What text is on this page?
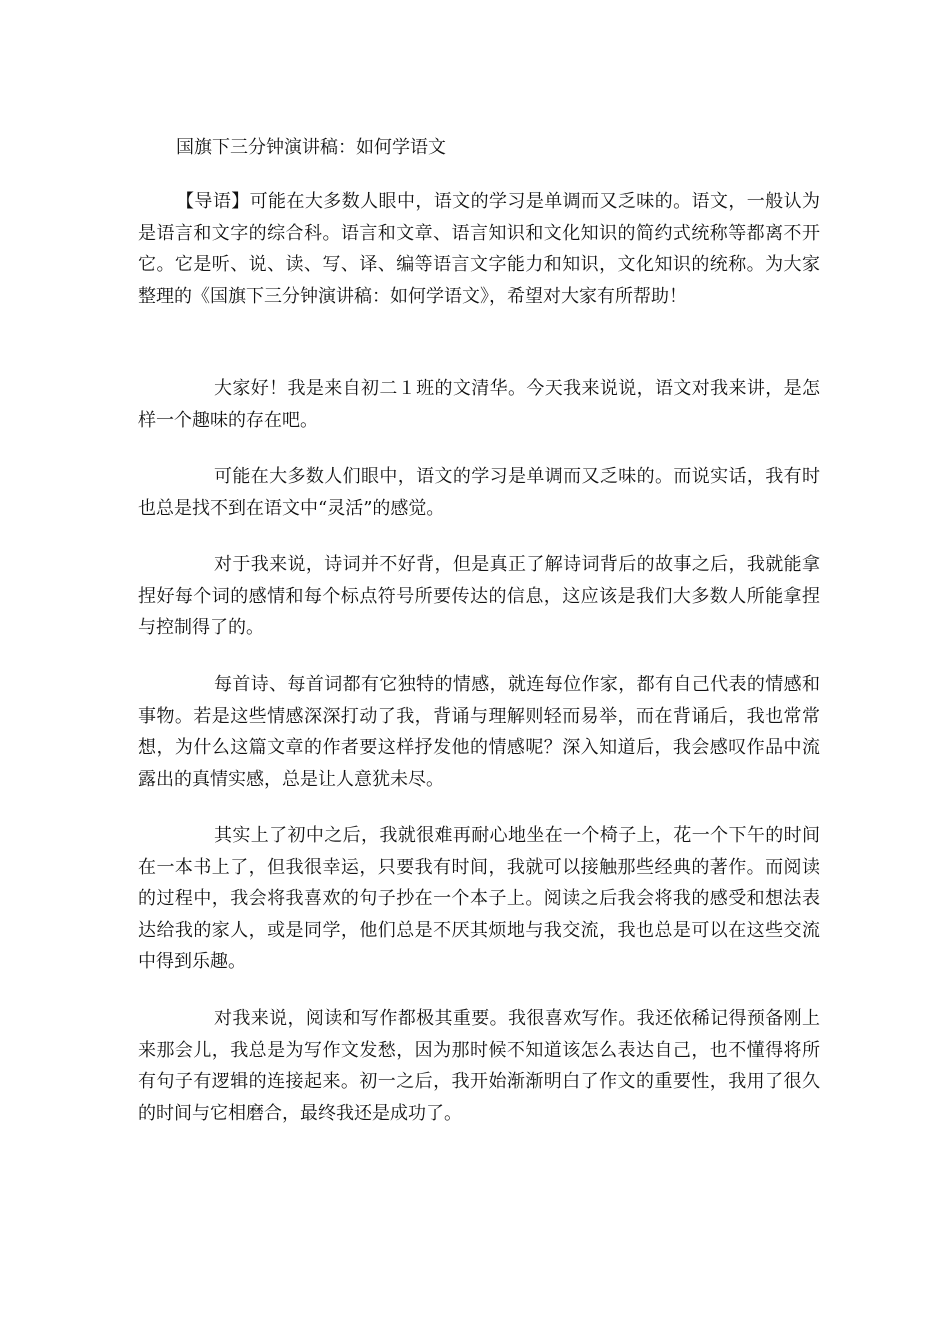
国旗下三分钟演讲稿：如何学语文

【导语】可能在大多数人眼中，语文的学习是单调而又乏味的。语文，一般认为是语言和文字的综合科。语言和文章、语言知识和文化知识的简约式统称等都离不开它。它是听、说、读、写、译、编等语言文字能力和知识，文化知识的统称。为大家整理的《国旗下三分钟演讲稿：如何学语文》，希望对大家有所帮助！

大家好！我是来自初二１班的文清华。今天我来说说，语文对我来讲，是怎样一个趣味的存在吧。

可能在大多数人们眼中，语文的学习是单调而又乏味的。而说实话，我有时也总是找不到在语文中“灵活”的感觉。

对于我来说，诗词并不好背，但是真正了解诗词背后的故事之后，我就能拿捏好每个词的感情和每个标点符号所要传达的信息，这应该是我们大多数人所能拿捏与控制得了的。

每首诗、每首词都有它独特的情感，就连每位作家，都有自己代表的情感和事物。若是这些情感深深打动了我，背诵与理解则轻而易举，而在背诵后，我也常常想，为什么这篇文章的作者要这样抒发他的情感呢？深入知道后，我会感叹作品中流露出的真情实感，总是让人意犹未尽。

其实上了初中之后，我就很难再耐心地坐在一个椅子上，花一个下午的时间在一本书上了，但我很幸运，只要我有时间，我就可以接触那些经典的著作。而阅读的过程中，我会将我喜欢的句子抄在一个本子上。阅读之后我会将我的感受和想法表达给我的家人，或是同学，他们总是不厌其烦地与我交流，我也总是可以在这些交流中得到乐趣。

对我来说，阅读和写作都极其重要。我很喜欢写作。我还依稀记得预备刚上来那会儿，我总是为写作文发愁，因为那时候不知道该怎么表达自己，也不懂得将所有句子有逻辑的连接起来。初一之后，我开始渐渐明白了作文的重要性，我用了很久的时间与它相磨合，最终我还是成功了。
